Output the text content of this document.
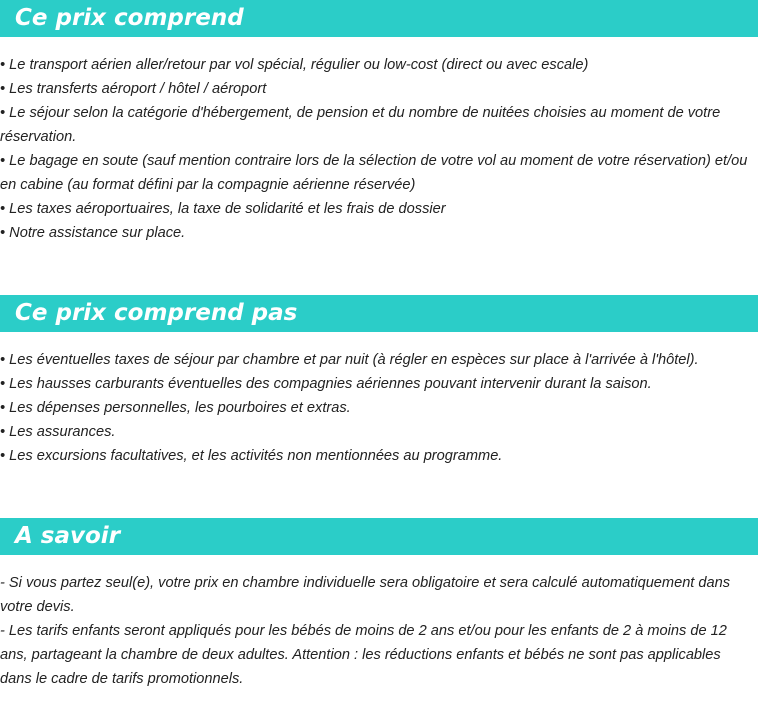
Ce prix comprend

• Le transport aérien aller/retour par vol spécial, régulier ou low-cost (direct ou avec escale)

• Les transferts aéroport / hôtel / aéroport

• Le séjour selon la catégorie d'hébergement, de pension et du nombre de nuitées choisies au moment de votre réservation.

• Le bagage en soute (sauf mention contraire lors de la sélection de votre vol au moment de votre réservation) et/ou en cabine (au format défini par la compagnie aérienne réservée)

• Les taxes aéroportuaires, la taxe de solidarité et les frais de dossier

• Notre assistance sur place.

Ce prix comprend pas

• Les éventuelles taxes de séjour par chambre et par nuit (à régler en espèces sur place à l'arrivée à l'hôtel).

• Les hausses carburants éventuelles des compagnies aériennes pouvant intervenir durant la saison.

• Les dépenses personnelles, les pourboires et extras.

• Les assurances.

• Les excursions facultatives, et les activités non mentionnées au programme.

A savoir

- Si vous partez seul(e), votre prix en chambre individuelle sera obligatoire et sera calculé automatiquement dans votre devis.

- Les tarifs enfants seront appliqués pour les bébés de moins de 2 ans et/ou pour les enfants de 2 à moins de 12 ans, partageant la chambre de deux adultes. Attention : les réductions enfants et bébés ne sont pas applicables dans le cadre de tarifs promotionnels.
